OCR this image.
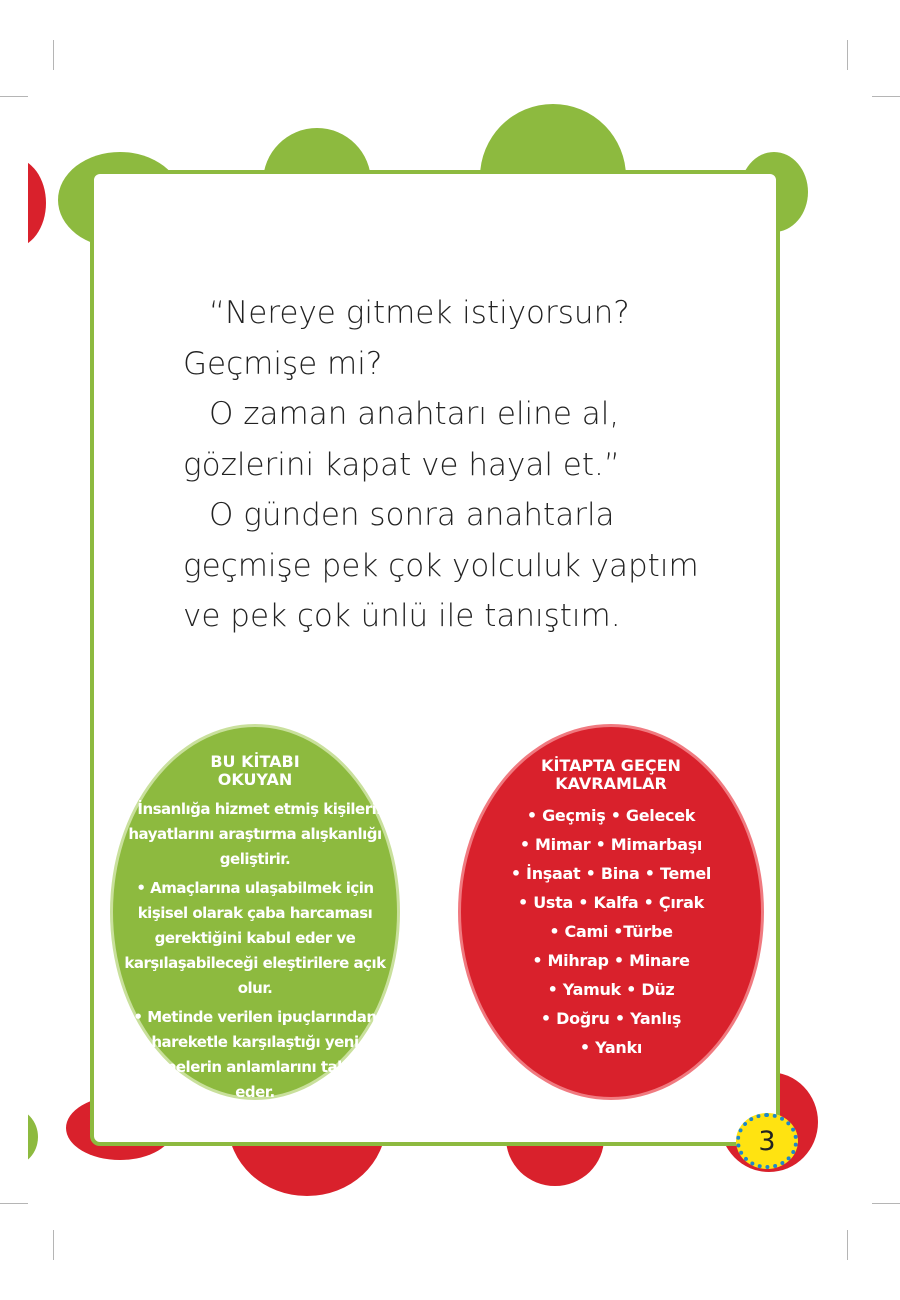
“Nereye gitmek istiyorsun?

Geçmişe mi?

O zaman anahtarı eline al,

gözlerini kapat ve hayal et.”

O günden sonra anahtarla

geçmişe pek çok yolculuk yaptım

ve pek çok ünlü ile tanıştım.

BU KİTABI
OKUYAN

• İnsanlığa hizmet etmiş kişilerin hayatlarını araştırma alışkanlığı geliştirir.

• Amaçlarına ulaşabilmek için kişisel olarak çaba harcaması gerektiğini kabul eder ve karşılaşabileceği eleştirilere açık olur.

• Metinde verilen ipuçlarından hareketle karşılaştığı yeni kelimelerin anlamlarını tahmin eder.

KİTAPTA GEÇEN
KAVRAMLAR

• Geçmiş • Gelecek

• Mimar • Mimarbaşı

• İnşaat • Bina • Temel

• Usta • Kalfa • Çırak

• Cami •Türbe

• Mihrap • Minare

• Yamuk • Düz

• Doğru • Yanlış

• Yankı

3
